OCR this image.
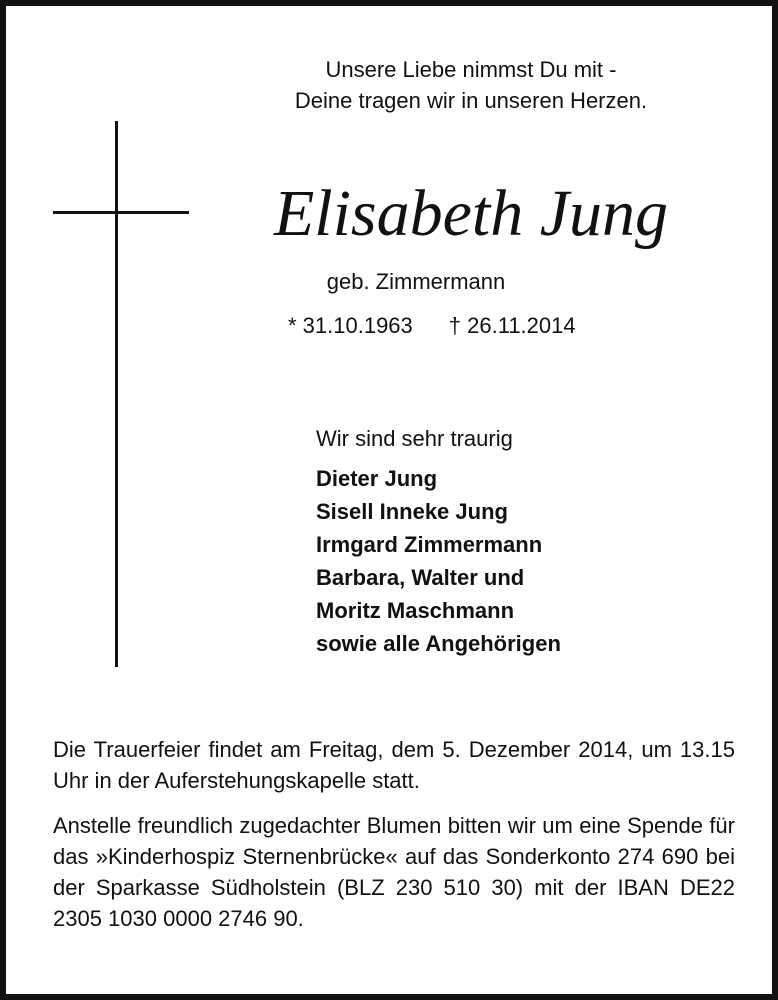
Unsere Liebe nimmst Du mit -
Deine tragen wir in unseren Herzen.
Elisabeth Jung
geb. Zimmermann
* 31.10.1963 † 26.11.2014
Wir sind sehr traurig
Dieter Jung
Sisell Inneke Jung
Irmgard Zimmermann
Barbara, Walter und
Moritz Maschmann
sowie alle Angehörigen

Die Trauerfeier findet am Freitag, dem 5. Dezember 2014, um 13.15 Uhr in der Auferstehungskapelle statt.

Anstelle freundlich zugedachter Blumen bitten wir um eine Spende für das »Kinderhospiz Sternenbrücke« auf das Sonderkonto 274 690 bei der Sparkasse Südholstein (BLZ 230 510 30) mit der IBAN DE22 2305 1030 0000 2746 90.
